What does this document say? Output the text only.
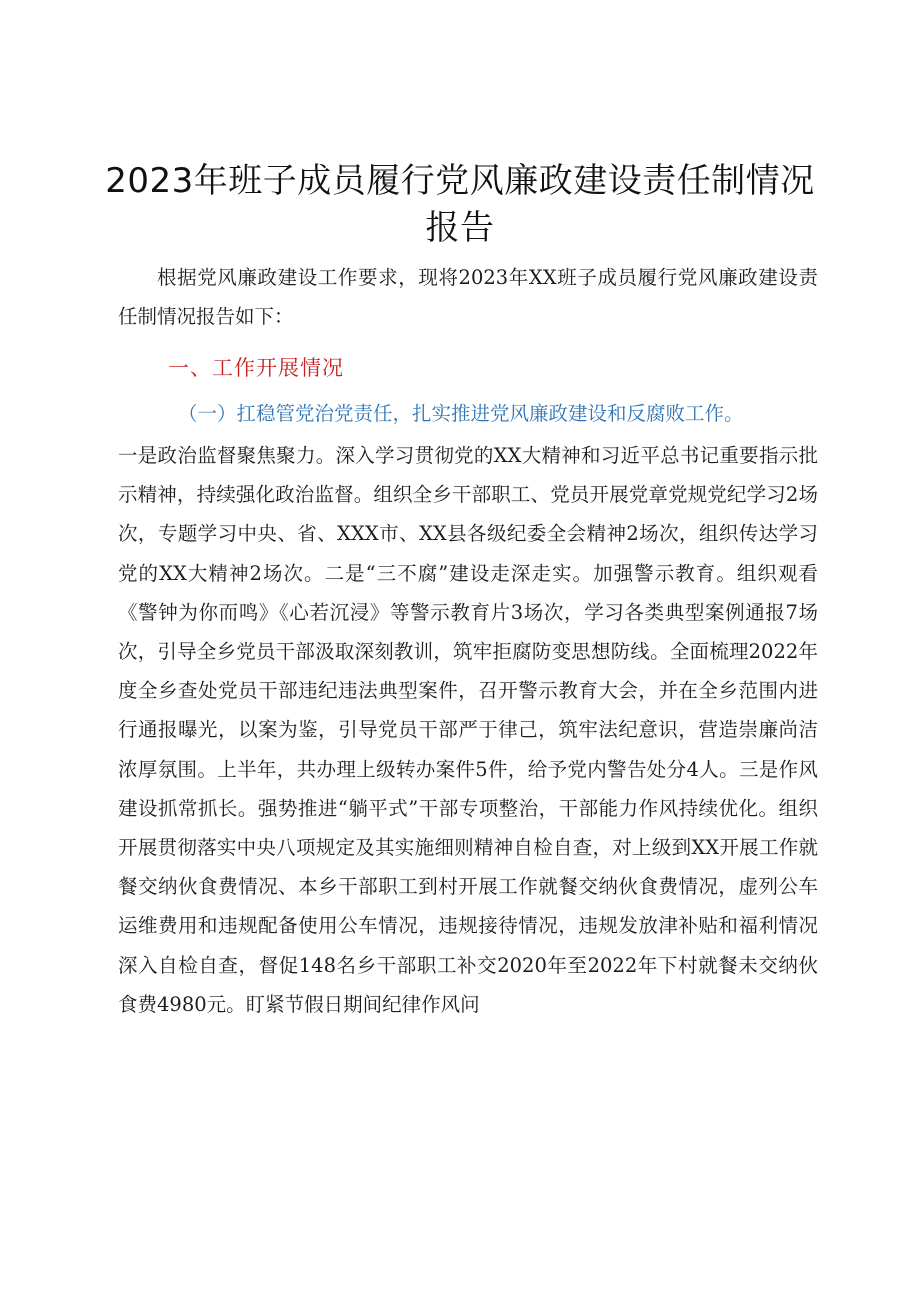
2023年班子成员履行党风廉政建设责任制情况报告
根据党风廉政建设工作要求，现将2023年XX班子成员履行党风廉政建设责任制情况报告如下：
一、工作开展情况
（一）扛稳管党治党责任，扎实推进党风廉政建设和反腐败工作。
一是政治监督聚焦聚力。深入学习贯彻党的XX大精神和习近平总书记重要指示批示精神，持续强化政治监督。组织全乡干部职工、党员开展党章党规党纪学习2场次，专题学习中央、省、XXX市、XX县各级纪委全会精神2场次，组织传达学习党的XX大精神2场次。二是“三不腐”建设走深走实。加强警示教育。组织观看《警钟为你而鸣》《心若沉浸》等警示教育片3场次，学习各类典型案例通报7场次，引导全乡党员干部汲取深刻教训，筑牢拒腐防变思想防线。全面梳理2022年度全乡查处党员干部违纪违法典型案件，召开警示教育大会，并在全乡范围内进行通报曝光，以案为鉴，引导党员干部严于律己，筑牢法纪意识，营造崇廉尚洁浓厚氛围。上半年，共办理上级转办案件5件，给予党内警告处分4人。三是作风建设抓常抓长。强势推进“躺平式”干部专项整治，干部能力作风持续优化。组织开展贯彻落实中央八项规定及其实施细则精神自检自查，对上级到XX开展工作就餐交纳伙食费情况、本乡干部职工到村开展工作就餐交纳伙食费情况，虚列公车运维费用和违规配备使用公车情况，违规接待情况，违规发放津补贴和福利情况深入自检自查，督促148名乡干部职工补交2020年至2022年下村就餐未交纳伙食费4980元。盯紧节假日期间纪律作风问
